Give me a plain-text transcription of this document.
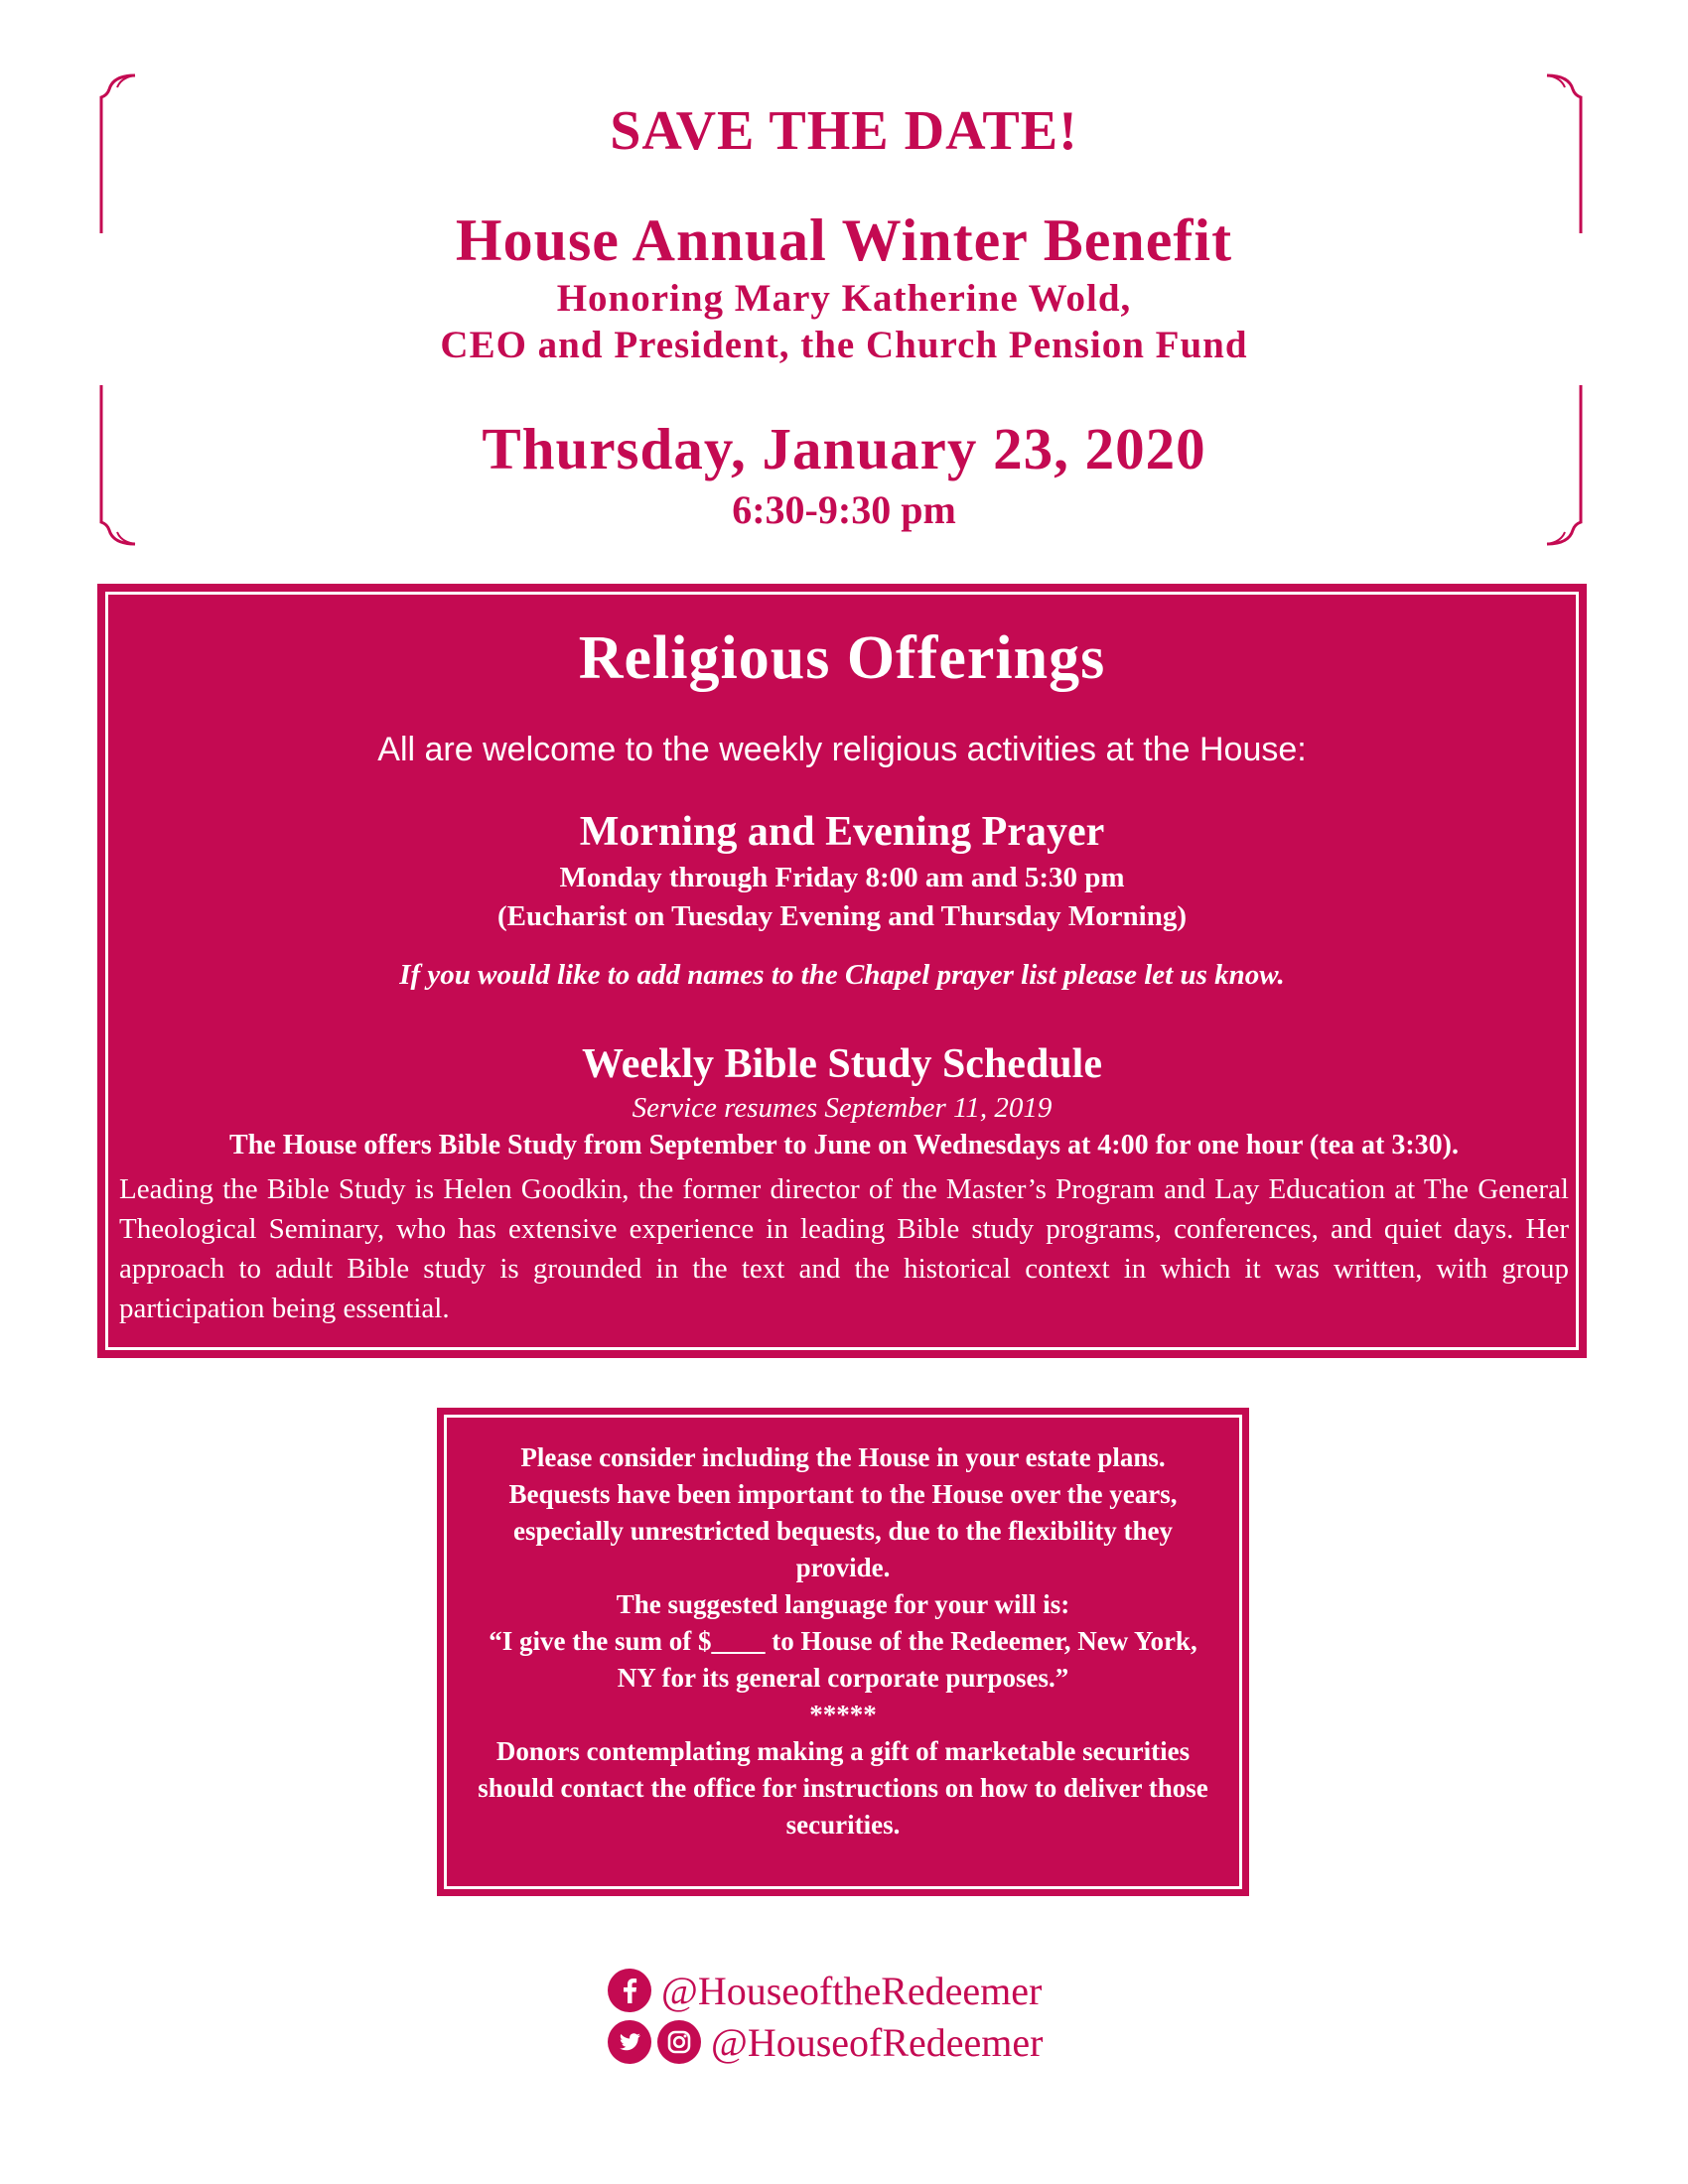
SAVE THE DATE!
House Annual Winter Benefit
Honoring Mary Katherine Wold,
CEO and President, the Church Pension Fund
Thursday, January 23, 2020
6:30-9:30 pm
Religious Offerings
All are welcome to the weekly religious activities at the House:
Morning and Evening Prayer
Monday through Friday 8:00 am and 5:30 pm
(Eucharist on Tuesday Evening and Thursday Morning)
If you would like to add names to the Chapel prayer list please let us know.
Weekly Bible Study Schedule
Service resumes September 11, 2019
The House offers Bible Study from September to June on Wednesdays at 4:00 for one hour (tea at 3:30).
Leading the Bible Study is Helen Goodkin, the former director of the Master’s Program and Lay Education at The General Theological Seminary, who has extensive experience in leading Bible study programs, conferences, and quiet days. Her approach to adult Bible study is grounded in the text and the historical context in which it was written, with group participation being essential.

Please consider including the House in your estate plans. Bequests have been important to the House over the years, especially unrestricted bequests, due to the flexibility they provide.

The suggested language for your will is:

“I give the sum of $____ to House of the Redeemer, New York, NY for its general corporate purposes.”

*****

Donors contemplating making a gift of marketable securities should contact the office for instructions on how to deliver those securities.

@HouseoftheRedeemer
@HouseofRedeemer
